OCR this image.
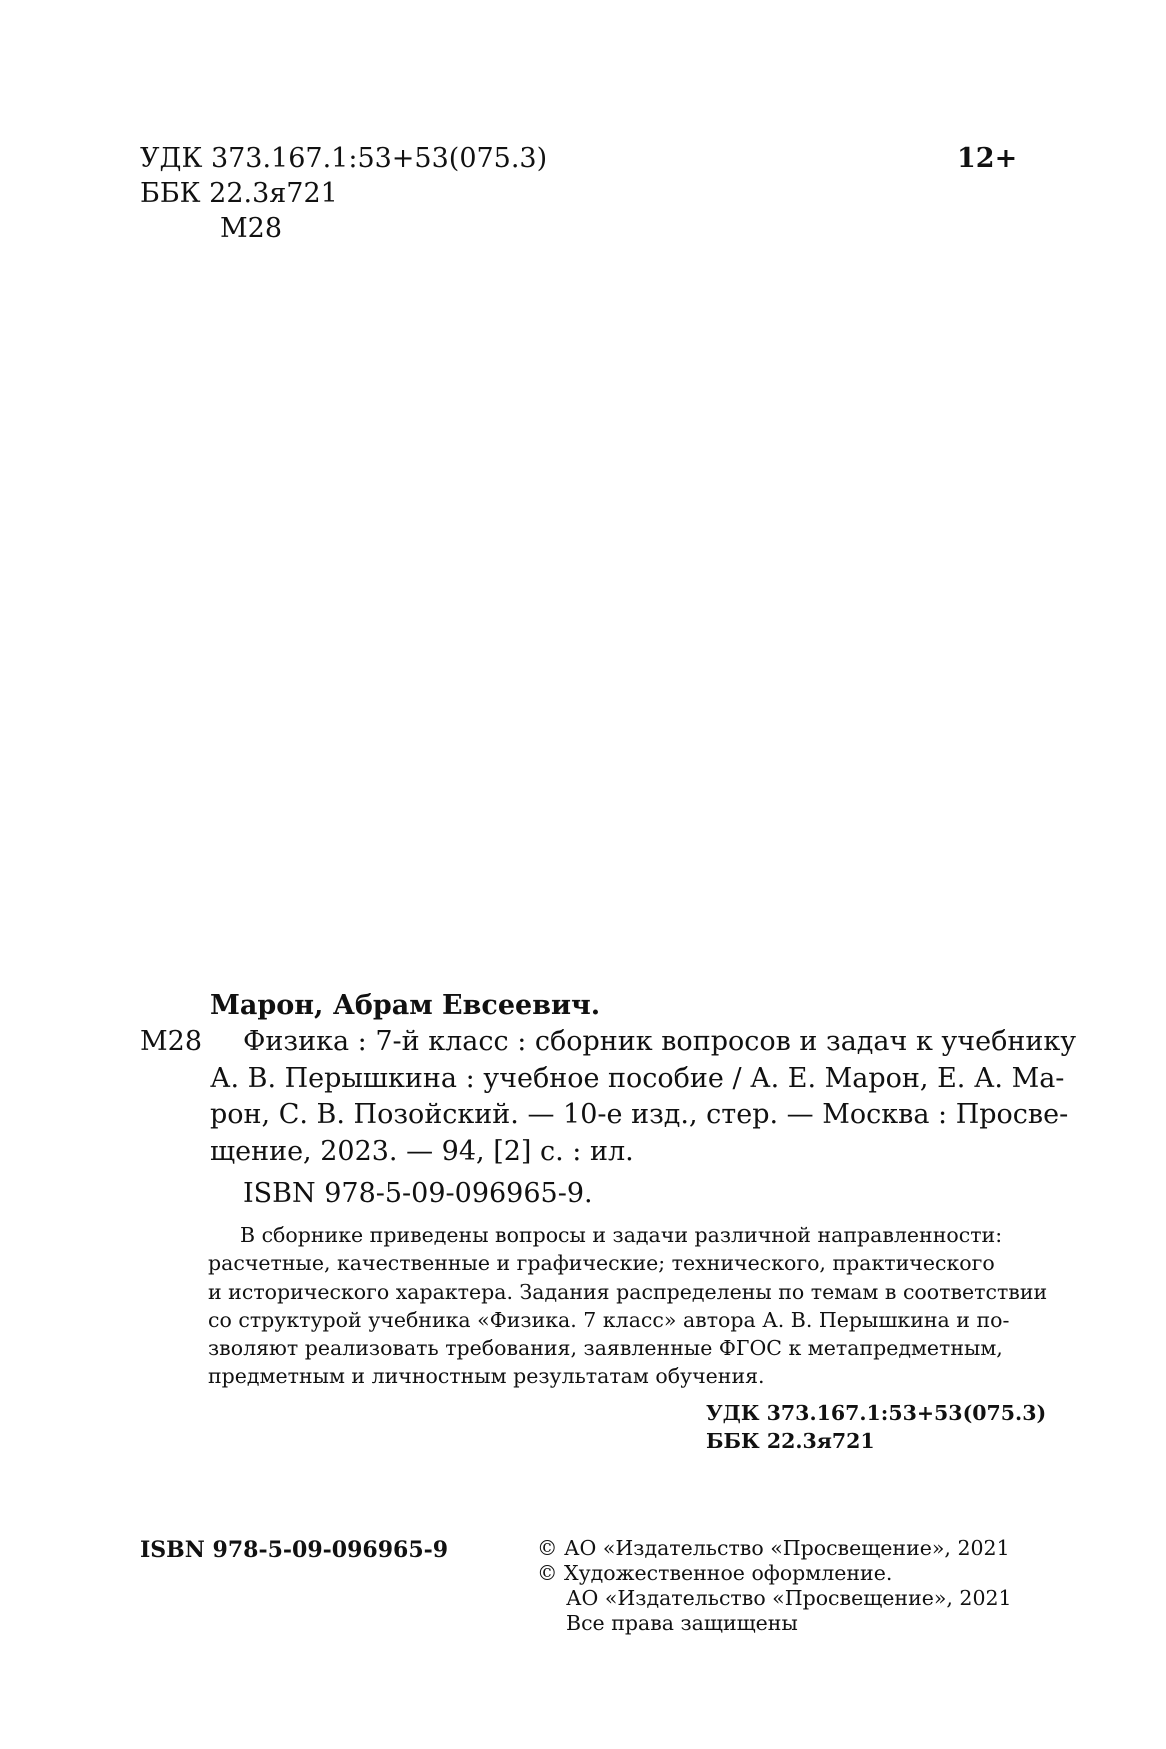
УДК 373.167.1:53+53(075.3)
ББК 22.3я721
М28
12+
Марон, Абрам Евсеевич.
М28 Физика : 7-й класс : сборник вопросов и задач к учебнику
А. В. Перышкина : учебное пособие / А. Е. Марон, Е. А. Ма-
рон, С. В. Позойский. — 10-е изд., стер. — Москва : Просве-
щение, 2023. — 94, [2] с. : ил.
ISBN 978-5-09-096965-9.
В сборнике приведены вопросы и задачи различной направленности:
расчетные, качественные и графические; технического, практического
и исторического характера. Задания распределены по темам в соответствии
со структурой учебника «Физика. 7 класс» автора А. В. Перышкина и по-
зволяют реализовать требования, заявленные ФГОС к метапредметным,
предметным и личностным результатам обучения.
УДК 373.167.1:53+53(075.3)
ББК 22.3я721
ISBN 978-5-09-096965-9	© АО «Издательство «Просвещение», 2021
© Художественное оформление.
АО «Издательство «Просвещение», 2021
Все права защищены
